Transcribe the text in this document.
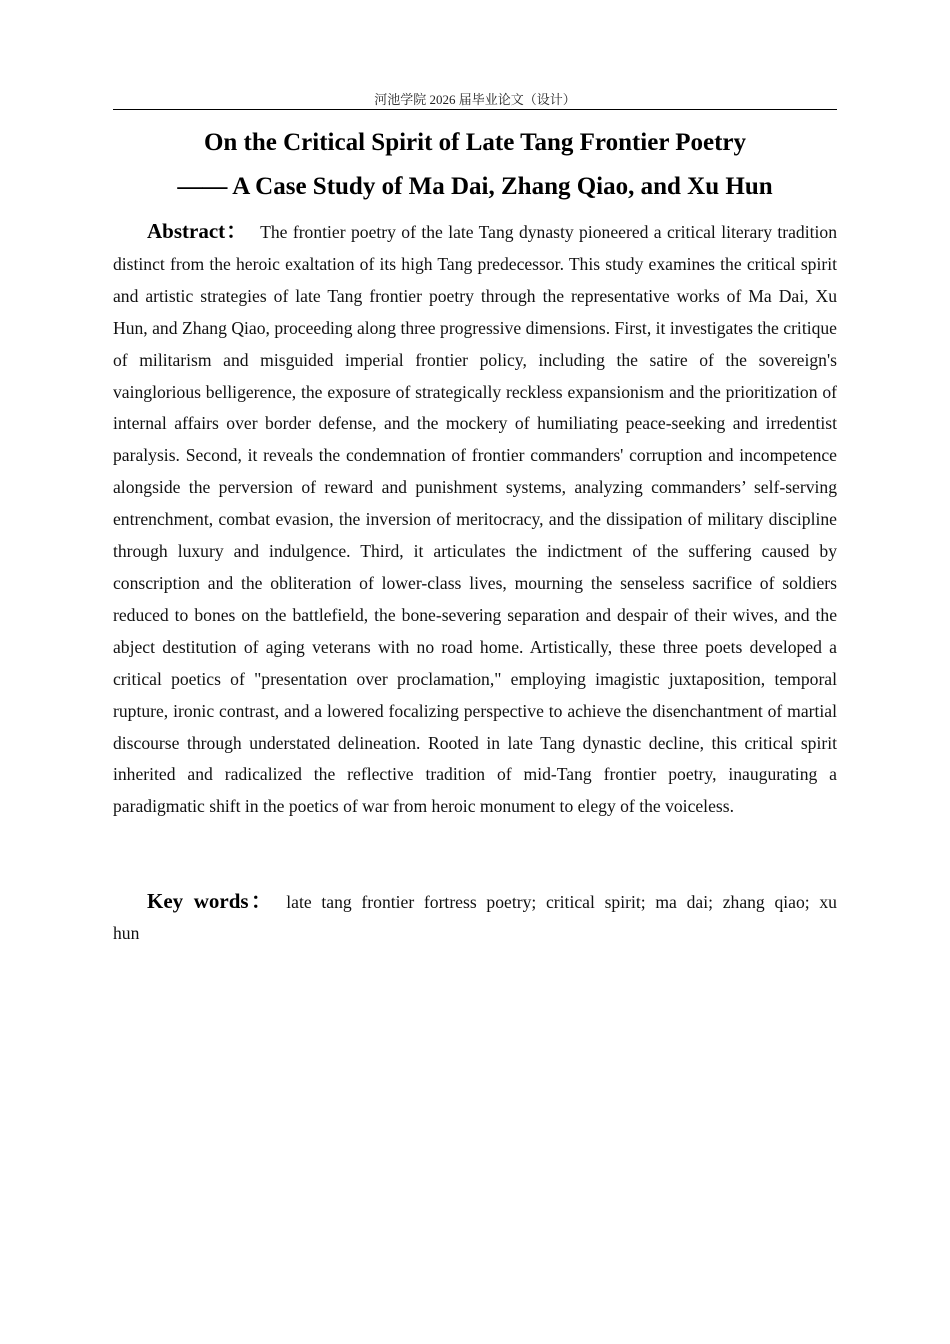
河池学院 2026 届毕业论文（设计）
On the Critical Spirit of Late Tang Frontier Poetry
—— A Case Study of Ma Dai, Zhang Qiao, and Xu Hun

Abstract： The frontier poetry of the late Tang dynasty pioneered a critical literary tradition distinct from the heroic exaltation of its high Tang predecessor. This study examines the critical spirit and artistic strategies of late Tang frontier poetry through the representative works of Ma Dai, Xu Hun, and Zhang Qiao, proceeding along three progressive dimensions. First, it investigates the critique of militarism and misguided imperial frontier policy, including the satire of the sovereign's vainglorious belligerence, the exposure of strategically reckless expansionism and the prioritization of internal affairs over border defense, and the mockery of humiliating peace-seeking and irredentist paralysis. Second, it reveals the condemnation of frontier commanders' corruption and incompetence alongside the perversion of reward and punishment systems, analyzing commanders’ self-serving entrenchment, combat evasion, the inversion of meritocracy, and the dissipation of military discipline through luxury and indulgence. Third, it articulates the indictment of the suffering caused by conscription and the obliteration of lower-class lives, mourning the senseless sacrifice of soldiers reduced to bones on the battlefield, the bone-severing separation and despair of their wives, and the abject destitution of aging veterans with no road home. Artistically, these three poets developed a critical poetics of "presentation over proclamation," employing imagistic juxtaposition, temporal rupture, ironic contrast, and a lowered focalizing perspective to achieve the disenchantment of martial discourse through understated delineation. Rooted in late Tang dynastic decline, this critical spirit inherited and radicalized the reflective tradition of mid-Tang frontier poetry, inaugurating a paradigmatic shift in the poetics of war from heroic monument to elegy of the voiceless.

Key words： late tang frontier fortress poetry; critical spirit; ma dai; zhang qiao; xu hun
